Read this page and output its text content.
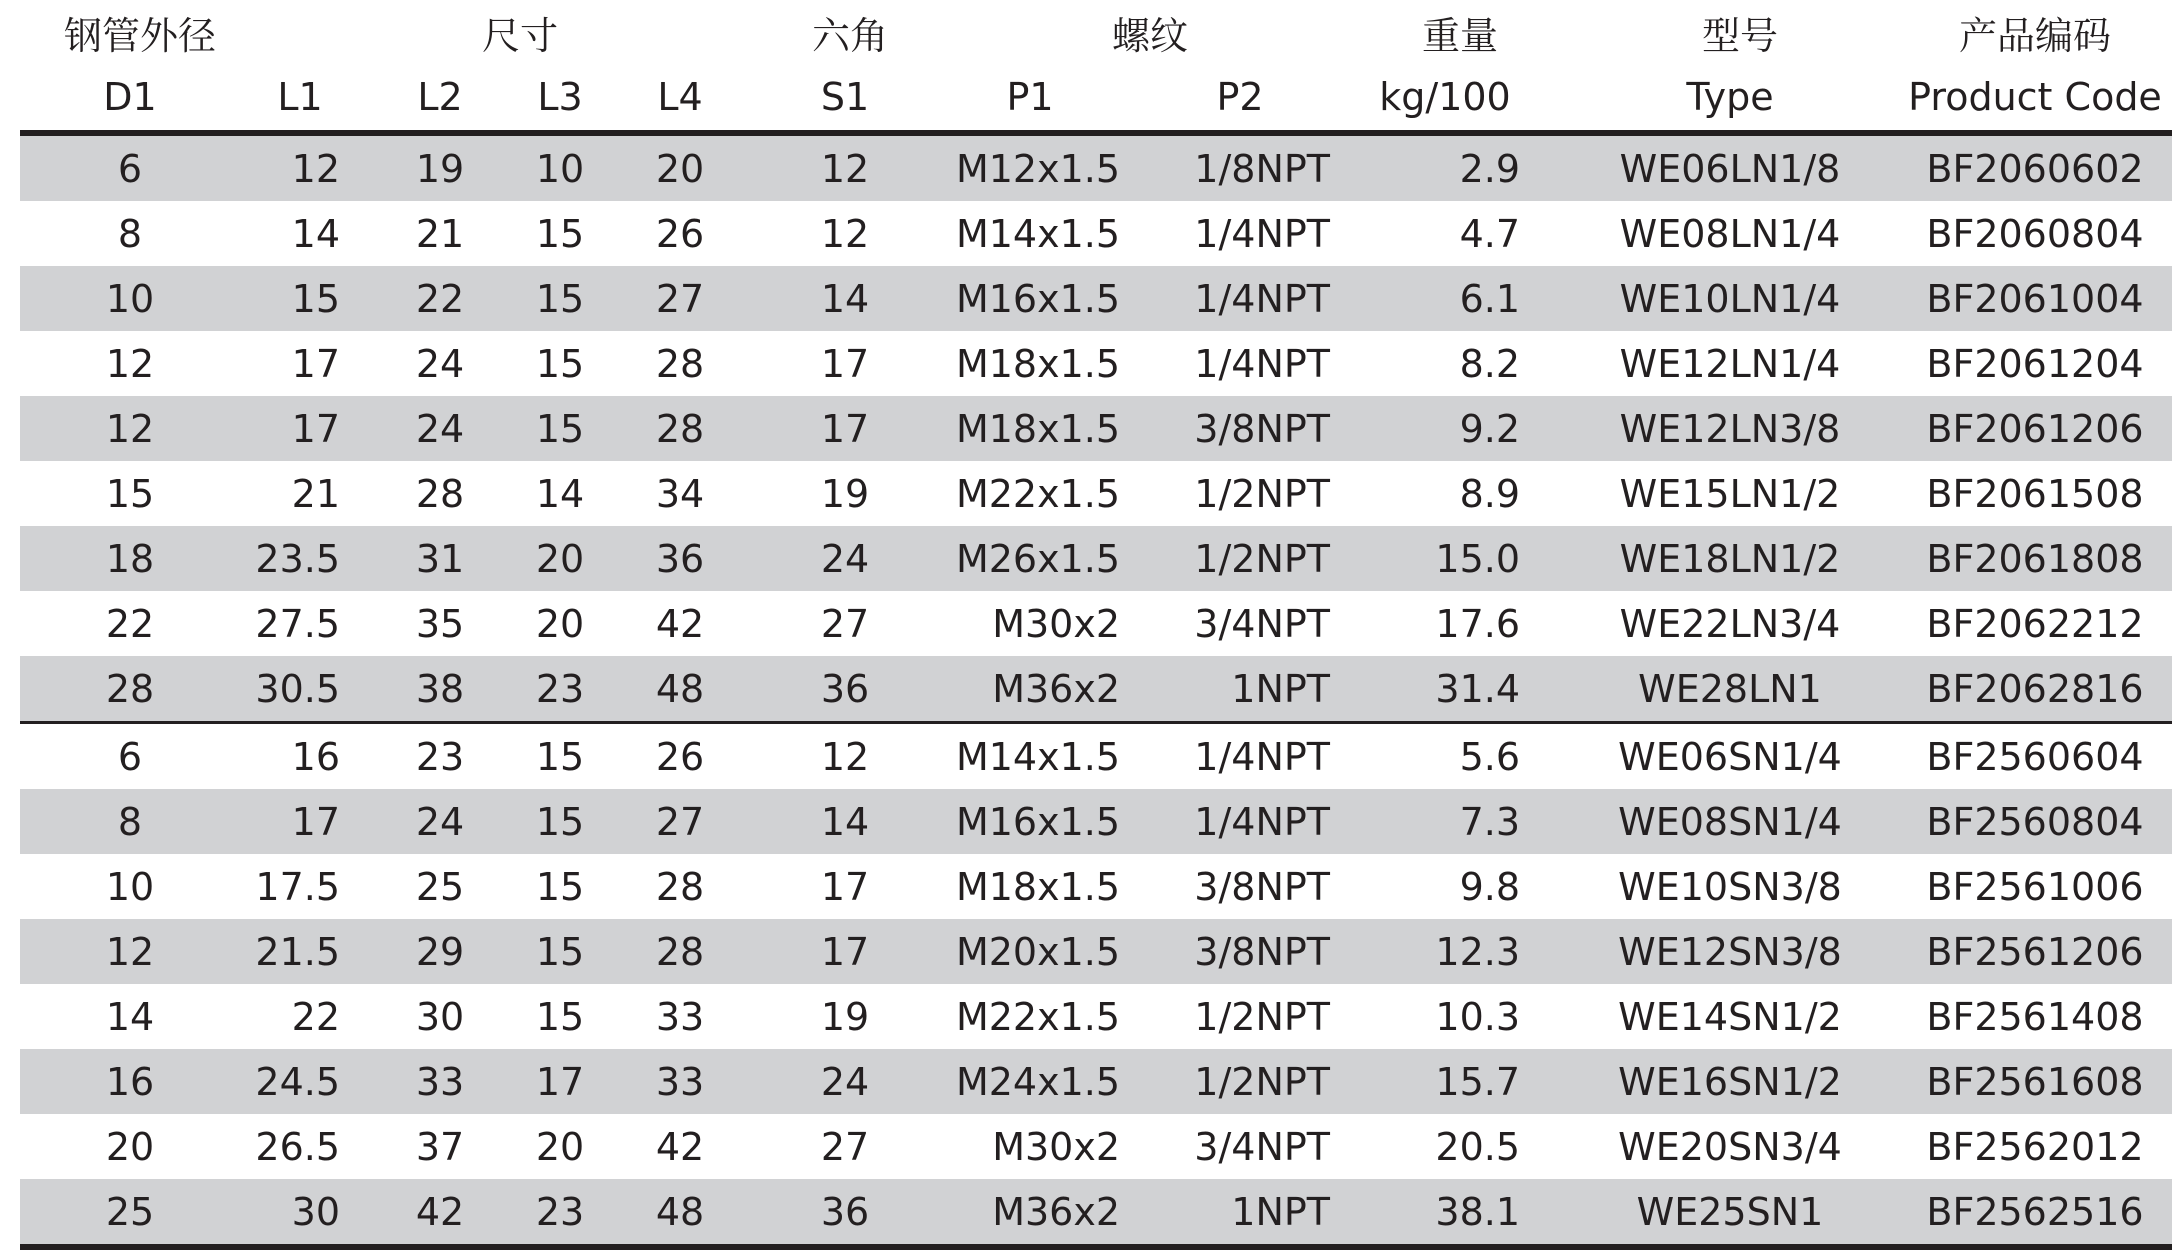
钢管外径	尺寸	六角	螺纹	重量	型号	产品编码
D1	L1	L2	L3	L4	S1	P1	P2	kg/100	Type	Product Code
6	12	19	10	20	12	M12x1.5	1/8NPT	2.9	WE06LN1/8	BF2060602
8	14	21	15	26	12	M14x1.5	1/4NPT	4.7	WE08LN1/4	BF2060804
10	15	22	15	27	14	M16x1.5	1/4NPT	6.1	WE10LN1/4	BF2061004
12	17	24	15	28	17	M18x1.5	1/4NPT	8.2	WE12LN1/4	BF2061204
12	17	24	15	28	17	M18x1.5	3/8NPT	9.2	WE12LN3/8	BF2061206
15	21	28	14	34	19	M22x1.5	1/2NPT	8.9	WE15LN1/2	BF2061508
18	23.5	31	20	36	24	M26x1.5	1/2NPT	15.0	WE18LN1/2	BF2061808
22	27.5	35	20	42	27	M30x2	3/4NPT	17.6	WE22LN3/4	BF2062212
28	30.5	38	23	48	36	M36x2	1NPT	31.4	WE28LN1	BF2062816
6	16	23	15	26	12	M14x1.5	1/4NPT	5.6	WE06SN1/4	BF2560604
8	17	24	15	27	14	M16x1.5	1/4NPT	7.3	WE08SN1/4	BF2560804
10	17.5	25	15	28	17	M18x1.5	3/8NPT	9.8	WE10SN3/8	BF2561006
12	21.5	29	15	28	17	M20x1.5	3/8NPT	12.3	WE12SN3/8	BF2561206
14	22	30	15	33	19	M22x1.5	1/2NPT	10.3	WE14SN1/2	BF2561408
16	24.5	33	17	33	24	M24x1.5	1/2NPT	15.7	WE16SN1/2	BF2561608
20	26.5	37	20	42	27	M30x2	3/4NPT	20.5	WE20SN3/4	BF2562012
25	30	42	23	48	36	M36x2	1NPT	38.1	WE25SN1	BF2562516
